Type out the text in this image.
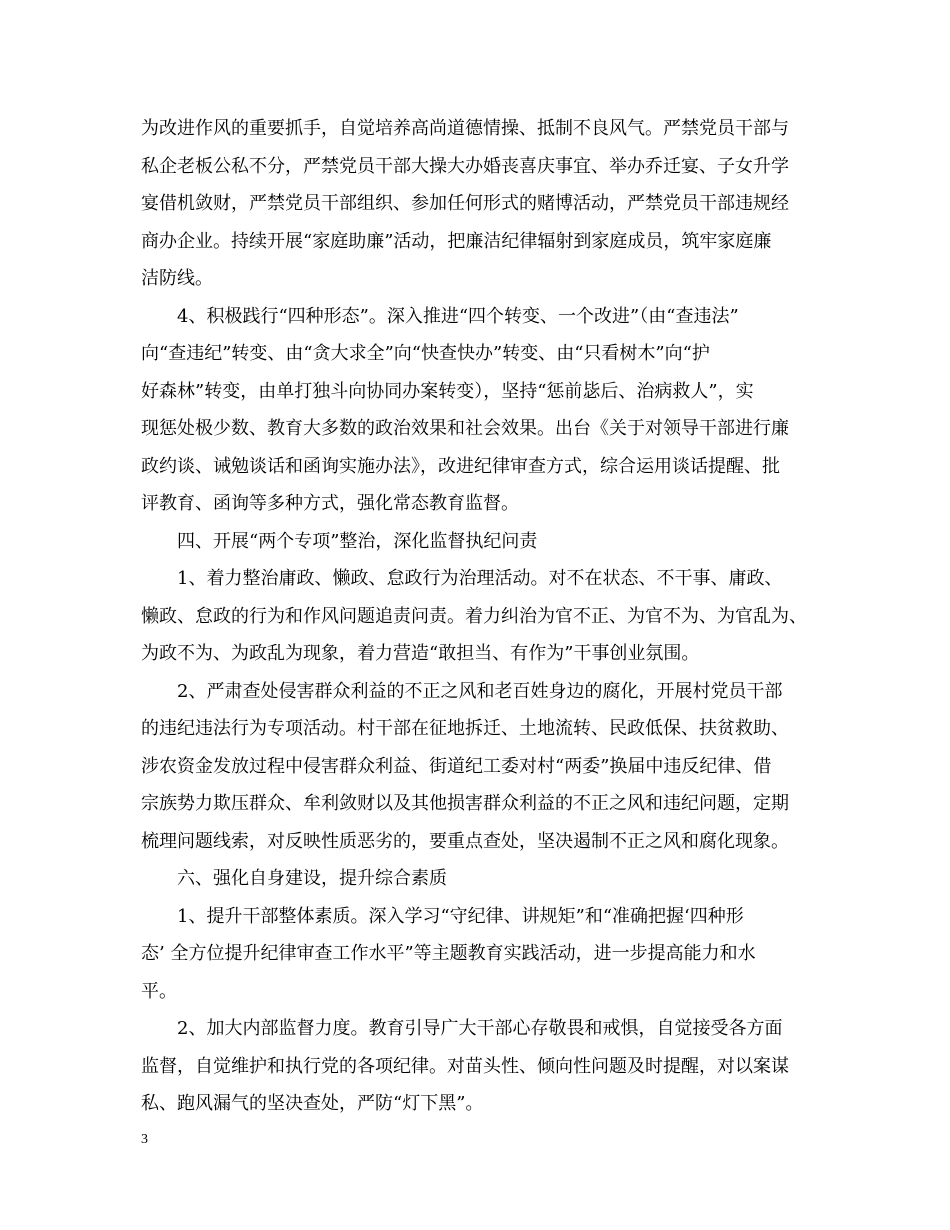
为改进作风的重要抓手，自觉培养高尚道德情操、抵制不良风气。严禁党员干部与
私企老板公私不分，严禁党员干部大操大办婚丧喜庆事宜、举办乔迁宴、子女升学
宴借机敛财，严禁党员干部组织、参加任何形式的赌博活动，严禁党员干部违规经
商办企业。持续开展“家庭助廉”活动，把廉洁纪律辐射到家庭成员，筑牢家庭廉
洁防线。
4、积极践行“四种形态”。深入推进“四个转变、一个改进”（由“查违法”
向“查违纪”转变、由“贪大求全”向“快查快办”转变、由“只看树木”向“护
好森林”转变，由单打独斗向协同办案转变），坚持“惩前毖后、治病救人”，实
现惩处极少数、教育大多数的政治效果和社会效果。出台《关于对领导干部进行廉
政约谈、诫勉谈话和函询实施办法》，改进纪律审查方式，综合运用谈话提醒、批
评教育、函询等多种方式，强化常态教育监督。
四、开展“两个专项”整治，深化监督执纪问责
1、着力整治庸政、懒政、怠政行为治理活动。对不在状态、不干事、庸政、
懒政、怠政的行为和作风问题追责问责。着力纠治为官不正、为官不为、为官乱为、
为政不为、为政乱为现象，着力营造“敢担当、有作为”干事创业氛围。
2、严肃查处侵害群众利益的不正之风和老百姓身边的腐化，开展村党员干部
的违纪违法行为专项活动。村干部在征地拆迁、土地流转、民政低保、扶贫救助、
涉农资金发放过程中侵害群众利益、街道纪工委对村“两委”换届中违反纪律、借
宗族势力欺压群众、牟利敛财以及其他损害群众利益的不正之风和违纪问题，定期
梳理问题线索，对反映性质恶劣的，要重点查处，坚决遏制不正之风和腐化现象。
六、强化自身建设，提升综合素质
1、提升干部整体素质。深入学习“守纪律、讲规矩”和“准确把握‘四种形
态’ 全方位提升纪律审查工作水平”等主题教育实践活动，进一步提高能力和水
平。
2、加大内部监督力度。教育引导广大干部心存敬畏和戒惧，自觉接受各方面
监督，自觉维护和执行党的各项纪律。对苗头性、倾向性问题及时提醒，对以案谋
私、跑风漏气的坚决查处，严防“灯下黑”。
3
